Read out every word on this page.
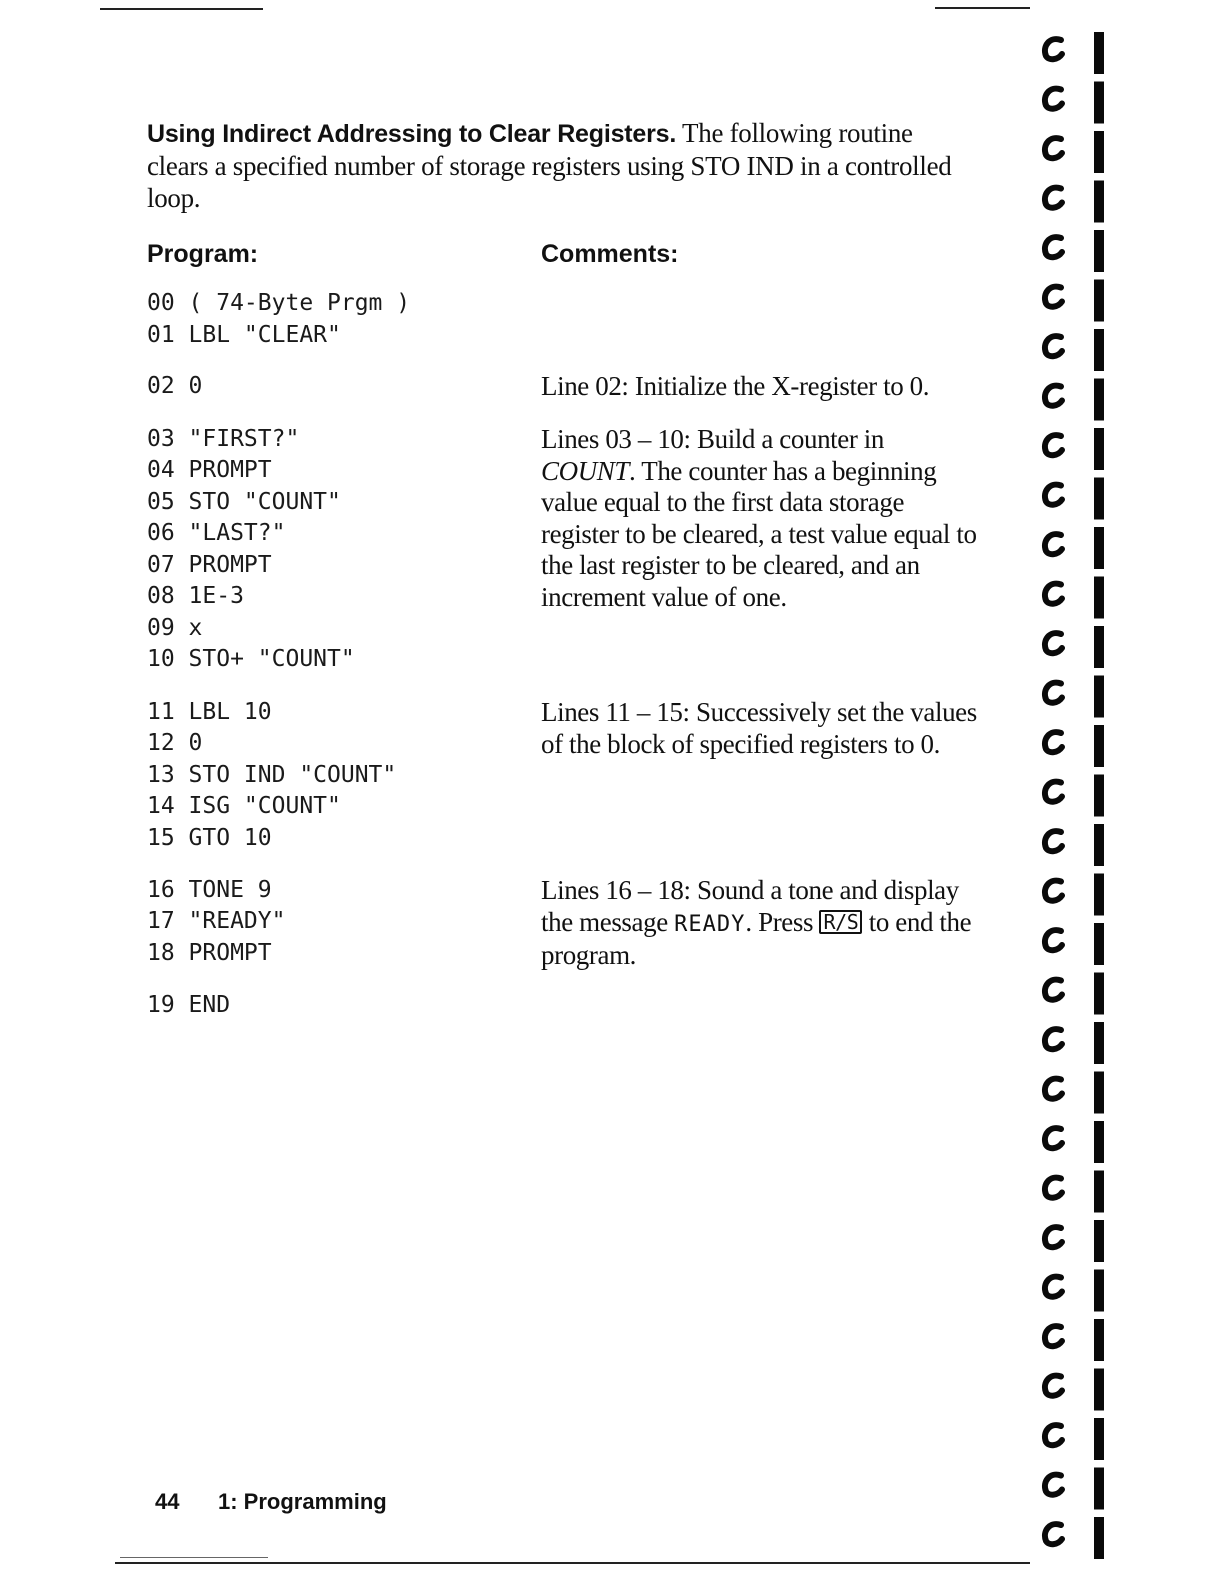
Using Indirect Addressing to Clear Registers. The following routine clears a specified number of storage registers using STO IND in a controlled loop.
Program:	Comments:
00 ( 74-Byte Prgm )
01 LBL "CLEAR"
02 0
03 "FIRST?"
04 PROMPT
05 STO "COUNT"
06 "LAST?"
07 PROMPT
08 1E-3
09 x
10 STO+ "COUNT"
11 LBL 10
12 0
13 STO IND "COUNT"
14 ISG "COUNT"
15 GTO 10
16 TONE 9
17 "READY"
18 PROMPT
19 END
Line 02: Initialize the X-register to 0.
Lines 03 – 10: Build a counter in COUNT. The counter has a beginning value equal to the first data storage register to be cleared, a test value equal to the last register to be cleared, and an increment value of one.
Lines 11 – 15: Successively set the values of the block of specified registers to 0.
Lines 16 – 18: Sound a tone and display the message READY. Press R/S to end the program.
44 1: Programming
